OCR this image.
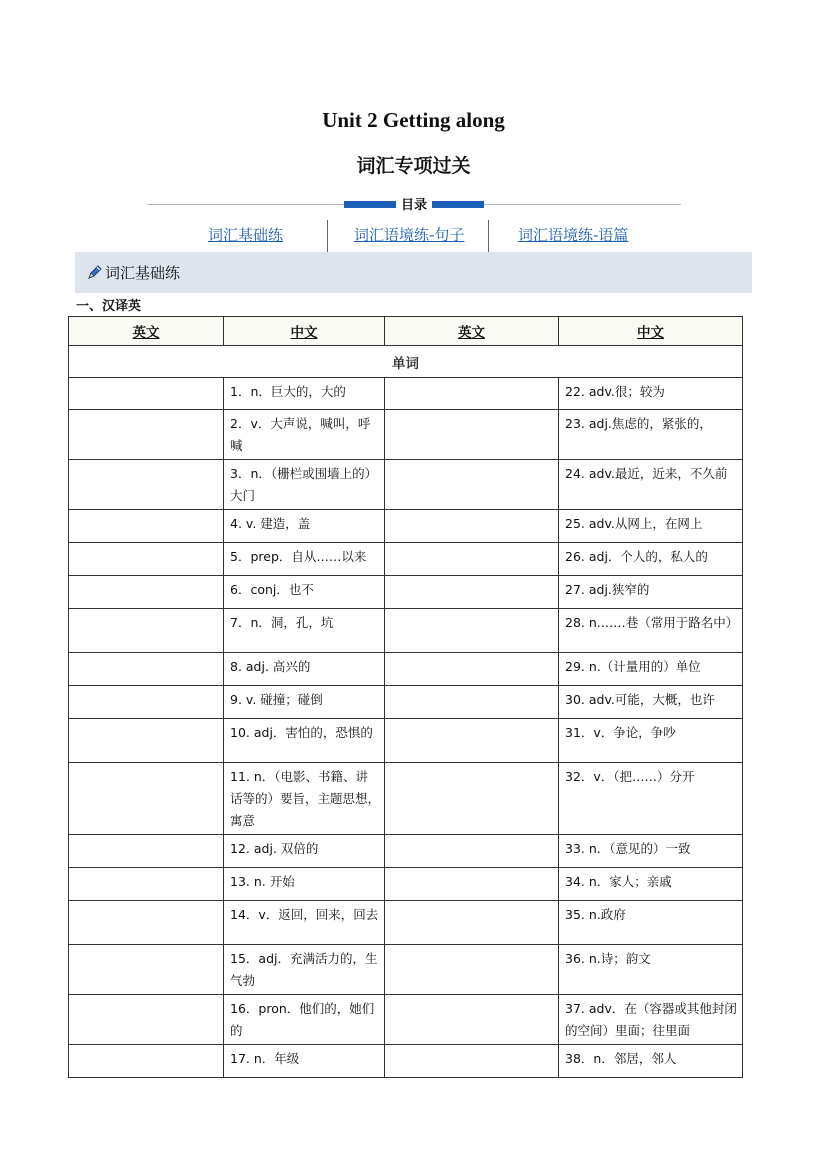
Unit 2 Getting along
词汇专项过关
目录
词汇基础练	词汇语境练-句子	词汇语境练-语篇
词汇基础练
一、汉译英
英文	中文	英文	中文
单词			
	1．n．巨大的，大的		22. adv.很；较为
	2．v．大声说，喊叫，呼喊		23. adj.焦虑的，紧张的，
	3．n．（栅栏或围墙上的）大门		24. adv.最近，近来，不久前
	4. v. 建造，盖		25. adv.从网上，在网上
	5．prep．自从……以来		26. adj．个人的，私人的
	6．conj．也不		27. adj.狭窄的
	7．n．洞，孔，坑		28. n.……巷（常用于路名中）
	8. adj. 高兴的		29. n.（计量用的）单位
	9. v. 碰撞；碰倒		30. adv.可能，大概，也许
	10. adj．害怕的，恐惧的		31．v．争论，争吵
	11. n．（电影、书籍、讲话等的）要旨，主题思想，寓意		32．v．（把……）分开
	12. adj. 双倍的		33. n．（意见的）一致
	13. n. 开始		34. n．家人；亲戚
	14．v．返回，回来，回去		35. n.政府
	15．adj．充满活力的，生气勃		36. n.诗；韵文
	16．pron．他们的，她们的		37. adv．在（容器或其他封闭的空间）里面；往里面
	17. n．年级		38．n．邻居，邻人
